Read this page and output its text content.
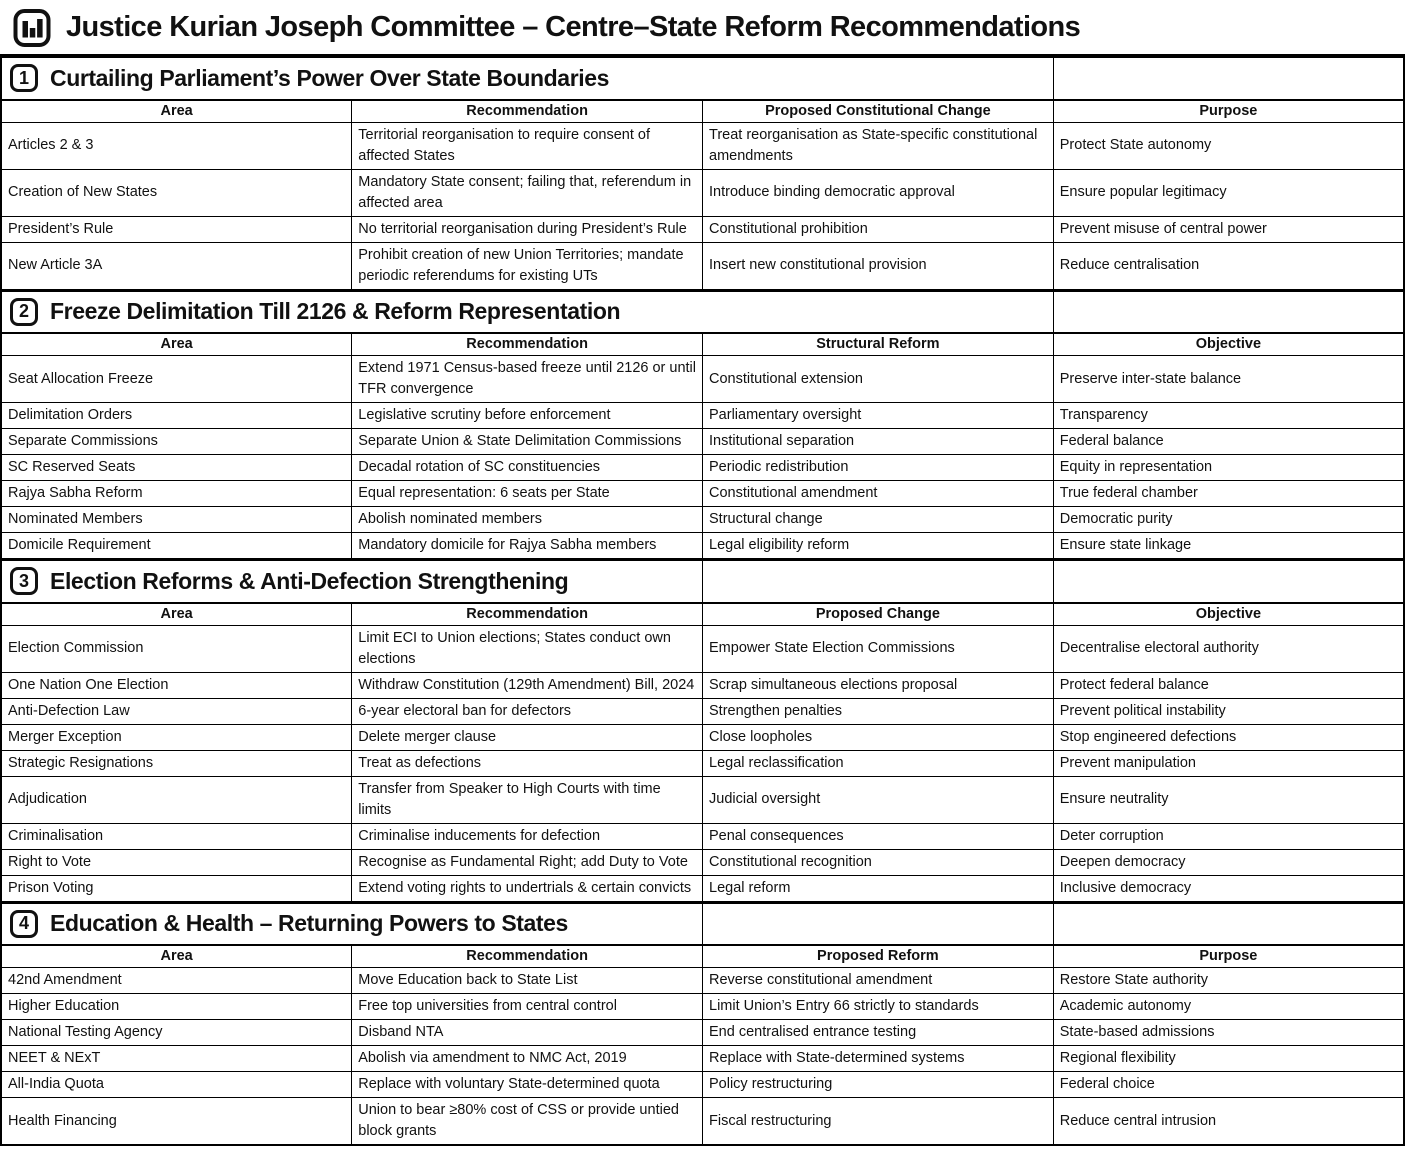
Justice Kurian Joseph Committee – Centre–State Reform Recommendations
1 Curtailing Parliament’s Power Over State Boundaries			

Area	Recommendation	Proposed Constitutional Change	Purpose
Articles 2 & 3	Territorial reorganisation to require consent of affected States	Treat reorganisation as State-specific constitutional amendments	Protect State autonomy
Creation of New States	Mandatory State consent; failing that, referendum in affected area	Introduce binding democratic approval	Ensure popular legitimacy
President’s Rule	No territorial reorganisation during President’s Rule	Constitutional prohibition	Prevent misuse of central power
New Article 3A	Prohibit creation of new Union Territories; mandate periodic referendums for existing UTs	Insert new constitutional provision	Reduce centralisation
2 Freeze Delimitation Till 2126 & Reform Representation			

Area	Recommendation	Structural Reform	Objective
Seat Allocation Freeze	Extend 1971 Census-based freeze until 2126 or until TFR convergence	Constitutional extension	Preserve inter-state balance
Delimitation Orders	Legislative scrutiny before enforcement	Parliamentary oversight	Transparency
Separate Commissions	Separate Union & State Delimitation Commissions	Institutional separation	Federal balance
SC Reserved Seats	Decadal rotation of SC constituencies	Periodic redistribution	Equity in representation
Rajya Sabha Reform	Equal representation: 6 seats per State	Constitutional amendment	True federal chamber
Nominated Members	Abolish nominated members	Structural change	Democratic purity
Domicile Requirement	Mandatory domicile for Rajya Sabha members	Legal eligibility reform	Ensure state linkage
3 Election Reforms & Anti-Defection Strengthening			

Area	Recommendation	Proposed Change	Objective
Election Commission	Limit ECI to Union elections; States conduct own elections	Empower State Election Commissions	Decentralise electoral authority
One Nation One Election	Withdraw Constitution (129th Amendment) Bill, 2024	Scrap simultaneous elections proposal	Protect federal balance
Anti-Defection Law	6-year electoral ban for defectors	Strengthen penalties	Prevent political instability
Merger Exception	Delete merger clause	Close loopholes	Stop engineered defections
Strategic Resignations	Treat as defections	Legal reclassification	Prevent manipulation
Adjudication	Transfer from Speaker to High Courts with time limits	Judicial oversight	Ensure neutrality
Criminalisation	Criminalise inducements for defection	Penal consequences	Deter corruption
Right to Vote	Recognise as Fundamental Right; add Duty to Vote	Constitutional recognition	Deepen democracy
Prison Voting	Extend voting rights to undertrials & certain convicts	Legal reform	Inclusive democracy
4 Education & Health – Returning Powers to States			

Area	Recommendation	Proposed Reform	Purpose
42nd Amendment	Move Education back to State List	Reverse constitutional amendment	Restore State authority
Higher Education	Free top universities from central control	Limit Union’s Entry 66 strictly to standards	Academic autonomy
National Testing Agency	Disband NTA	End centralised entrance testing	State-based admissions
NEET & NExT	Abolish via amendment to NMC Act, 2019	Replace with State-determined systems	Regional flexibility
All-India Quota	Replace with voluntary State-determined quota	Policy restructuring	Federal choice
Health Financing	Union to bear ≥80% cost of CSS or provide untied block grants	Fiscal restructuring	Reduce central intrusion
